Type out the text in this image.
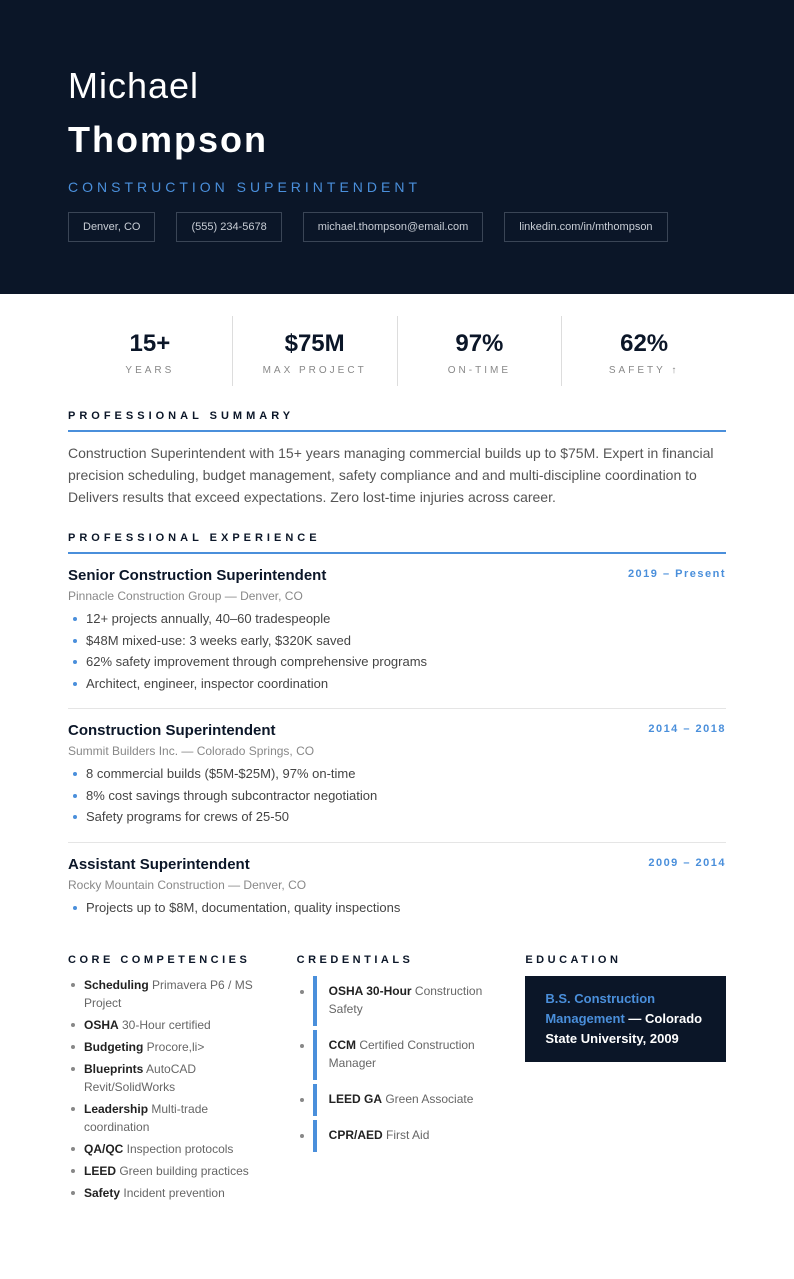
Michael
Thompson
CONSTRUCTION SUPERINTENDENT
Denver, CO	(555) 234-5678	michael.thompson@email.com	linkedin.com/in/mthompson
15+
YEARS
$75M
MAX PROJECT
97%
ON-TIME
62%
SAFETY ↑
PROFESSIONAL SUMMARY

Construction Superintendent with 15+ years managing commercial builds up to $75M. Expert in financial precision scheduling, budget management, safety compliance and and multi-discipline coordination to Delivers results that exceed expectations. Zero lost-time injuries across career.

PROFESSIONAL EXPERIENCE
Senior Construction Superintendent	2019 – Present
Pinnacle Construction Group — Denver, CO
12+ projects annually, 40–60 tradespeople
$48M mixed-use: 3 weeks early, $320K saved
62% safety improvement through comprehensive programs
Architect, engineer, inspector coordination
Construction Superintendent	2014 – 2018
Summit Builders Inc. — Colorado Springs, CO
8 commercial builds ($5M-$25M), 97% on-time
8% cost savings through subcontractor negotiation
Safety programs for crews of 25-50
Assistant Superintendent	2009 – 2014
Rocky Mountain Construction — Denver, CO
Projects up to $8M, documentation, quality inspections
CORE COMPETENCIES
Scheduling Primavera P6 / MS Project
OSHA 30-Hour certified
Budgeting Procore,li>
Blueprints AutoCAD Revit/SolidWorks
Leadership Multi-trade coordination
QA/QC Inspection protocols
LEED Green building practices
Safety Incident prevention
CREDENTIALS
OSHA 30-Hour Construction Safety
CCM Certified Construction Manager
LEED GA Green Associate
CPR/AED First Aid
EDUCATION
B.S. Construction Management — Colorado State University, 2009
